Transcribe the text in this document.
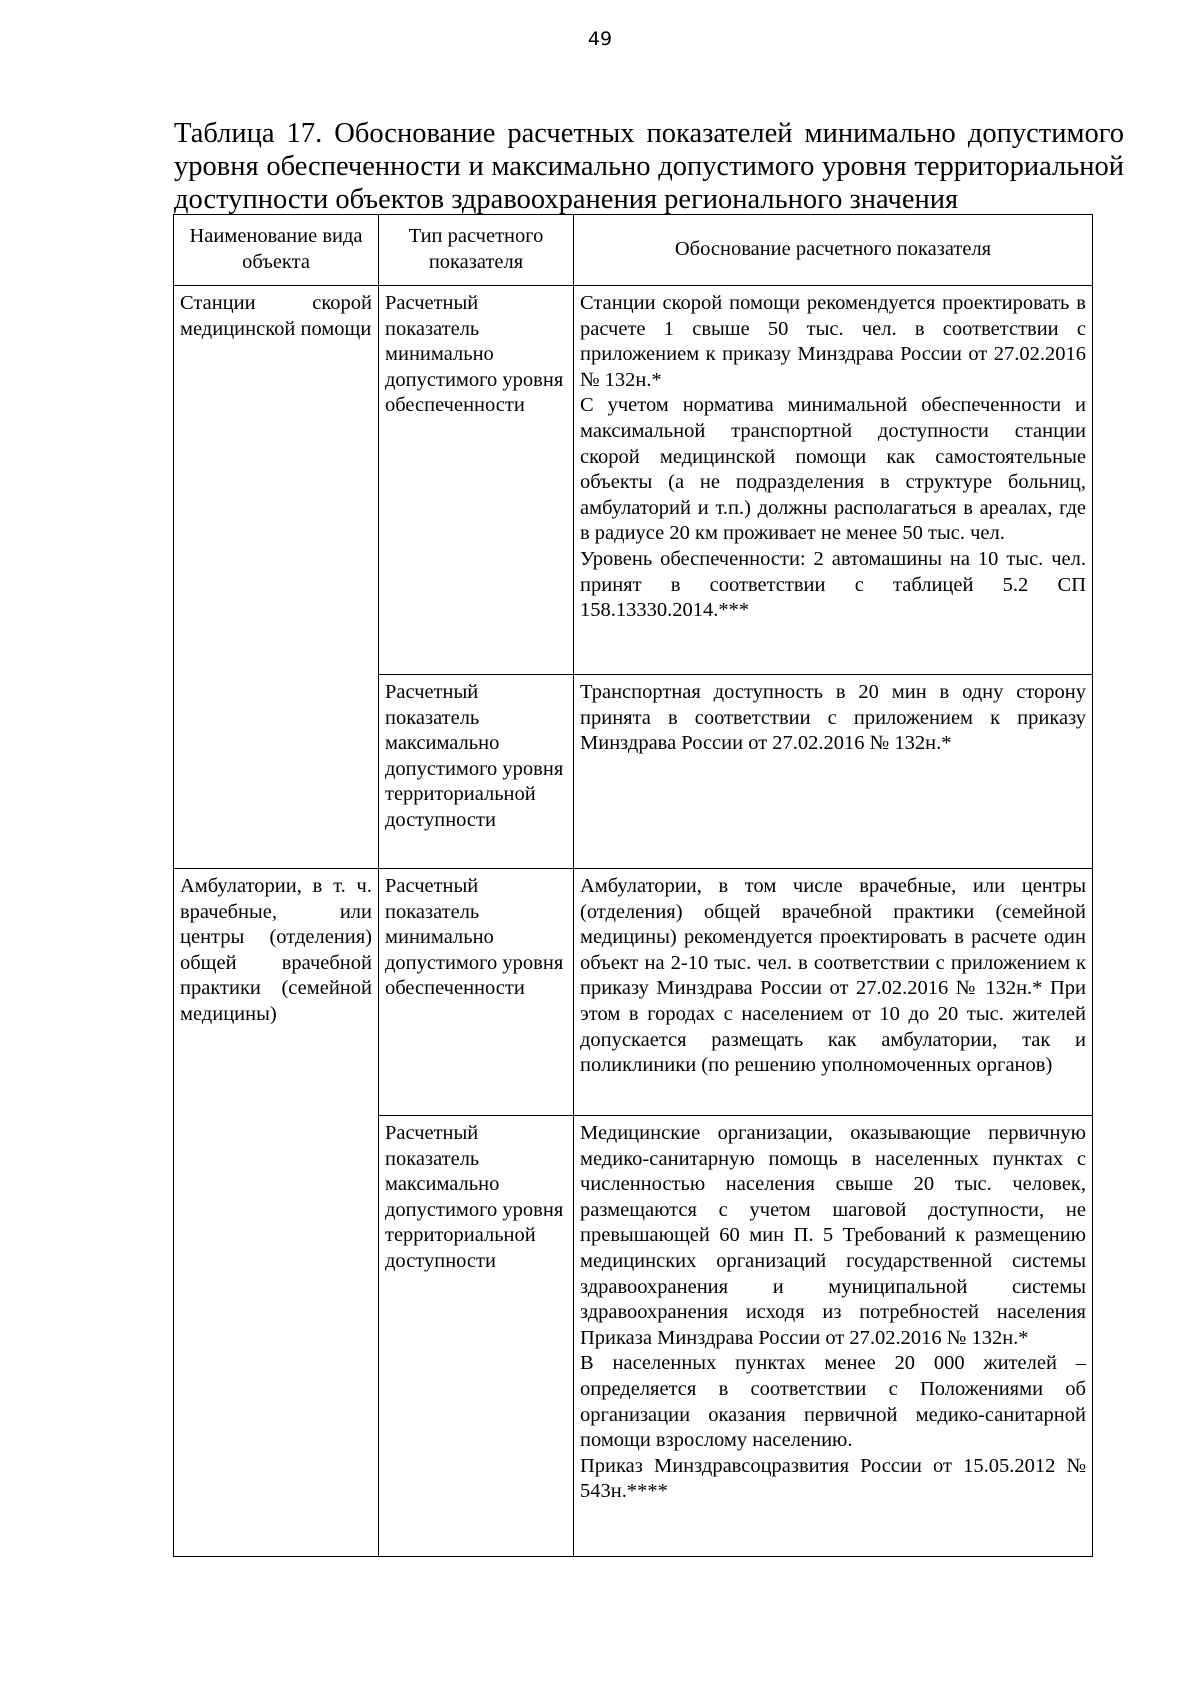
49
Таблица 17. Обоснование расчетных показателей минимально допустимого уровня обеспеченности и максимально допустимого уровня территориальной доступности объектов здравоохранения регионального значения
Наименование вида объекта	Тип расчетного показателя	Обоснование расчетного показателя
Станции скорой медицинской помощи	Расчетный показатель минимально допустимого уровня обеспеченности	Станции скорой помощи рекомендуется проектировать в расчете 1 свыше 50 тыс. чел. в соответствии с приложением к приказу Минздрава России от 27.02.2016 № 132н.*

С учетом норматива минимальной обеспеченности и максимальной транспортной доступности станции скорой медицинской помощи как самостоятельные объекты (а не подразделения в структуре больниц, амбулаторий и т.п.) должны располагаться в ареалах, где в радиусе 20 км проживает не менее 50 тыс. чел.

Уровень обеспеченности: 2 автомашины на 10 тыс. чел. принят в соответствии с таблицей 5.2 СП 158.13330.2014.***

	Расчетный показатель максимально допустимого уровня территориальной доступности	Транспортная доступность в 20 мин в одну сторону принята в соответствии с приложением к приказу Минздрава России от 27.02.2016 № 132н.*

Амбулатории, в т. ч. врачебные, или центры (отделения) общей врачебной практики (семейной медицины)	Расчетный показатель минимально допустимого уровня обеспеченности	Амбулатории, в том числе врачебные, или центры (отделения) общей врачебной практики (семейной медицины) рекомендуется проектировать в расчете один объект на 2-10 тыс. чел. в соответствии с приложением к приказу Минздрава России от 27.02.2016 № 132н.* При этом в городах с населением от 10 до 20 тыс. жителей допускается размещать как амбулатории, так и поликлиники (по решению уполномоченных органов)

	Расчетный показатель максимально допустимого уровня территориальной доступности	Медицинские организации, оказывающие первичную медико-санитарную помощь в населенных пунктах с численностью населения свыше 20 тыс. человек, размещаются с учетом шаговой доступности, не превышающей 60 мин П. 5 Требований к размещению медицинских организаций государственной системы здравоохранения и муниципальной системы здравоохранения исходя из потребностей населения Приказа Минздрава России от 27.02.2016 № 132н.*

В населенных пунктах менее 20 000 жителей – определяется в соответствии с Положениями об организации оказания первичной медико-санитарной помощи взрослому населению.

Приказ Минздравсоцразвития России от 15.05.2012 № 543н.****
